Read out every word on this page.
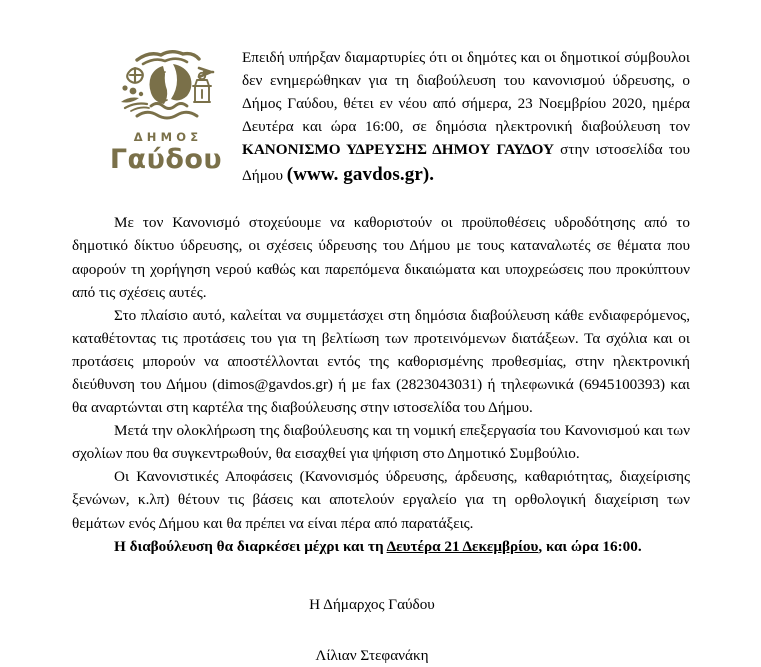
ΔΗΜΟΣ
Γαύδου

Επειδή υπήρξαν διαμαρτυρίες ότι οι δημότες και οι δημοτικοί σύμβουλοι δεν ενημερώθηκαν για τη διαβούλευση του κανονισμού ύδρευσης, ο Δήμος Γαύδου, θέτει εν νέου από σήμερα, 23 Νοεμβρίου 2020, ημέρα Δευτέρα και ώρα 16:00, σε δημόσια ηλεκτρονική διαβούλευση τον ΚΑΝΟΝΙΣΜΟ ΥΔΡΕΥΣΗΣ ΔΗΜΟΥ ΓΑΥΔΟΥ στην ιστοσελίδα του Δήμου (www. gavdos.gr).

Με τον Κανονισμό στοχεύουμε να καθοριστούν οι προϋποθέσεις υδροδότησης από το δημοτικό δίκτυο ύδρευσης, οι σχέσεις ύδρευσης του Δήμου με τους καταναλωτές σε θέματα που αφορούν τη χορήγηση νερού καθώς και παρεπόμενα δικαιώματα και υποχρεώσεις που προκύπτουν από τις σχέσεις αυτές.

Στο πλαίσιο αυτό, καλείται να συμμετάσχει στη δημόσια διαβούλευση κάθε ενδιαφερόμενος, καταθέτοντας τις προτάσεις του για τη βελτίωση των προτεινόμενων διατάξεων. Τα σχόλια και οι προτάσεις μπορούν να αποστέλλονται εντός της καθορισμένης προθεσμίας, στην ηλεκτρονική διεύθυνση του Δήμου (dimos@gavdos.gr) ή με fax (2823043031) ή τηλεφωνικά (6945100393) και θα αναρτώνται στη καρτέλα της διαβούλευσης στην ιστοσελίδα του Δήμου.

Μετά την ολοκλήρωση της διαβούλευσης και τη νομική επεξεργασία του Κανονισμού και των σχολίων που θα συγκεντρωθούν, θα εισαχθεί για ψήφιση στο Δημοτικό Συμβούλιο.

Οι Κανονιστικές Αποφάσεις (Κανονισμός ύδρευσης, άρδευσης, καθαριότητας, διαχείρισης ξενώνων, κ.λπ) θέτουν τις βάσεις και αποτελούν εργαλείο για τη ορθολογική διαχείριση των θεμάτων ενός Δήμου και θα πρέπει να είναι πέρα από παρατάξεις.

Η διαβούλευση θα διαρκέσει μέχρι και τη Δευτέρα 21 Δεκεμβρίου, και ώρα 16:00.

Η Δήμαρχος Γαύδου

Λίλιαν Στεφανάκη
